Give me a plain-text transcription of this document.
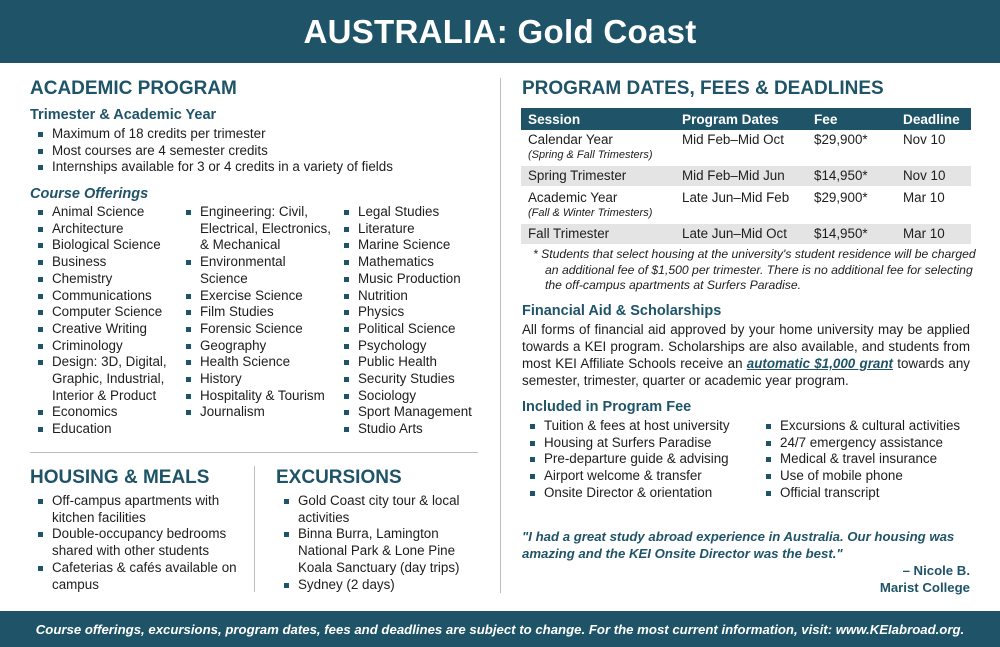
AUSTRALIA: Gold Coast
ACADEMIC PROGRAM
Trimester & Academic Year
Maximum of 18 credits per trimester
Most courses are 4 semester credits
Internships available for 3 or 4 credits in a variety of fields
Course Offerings
Animal Science
Architecture
Biological Science
Business
Chemistry
Communications
Computer Science
Creative Writing
Criminology
Design: 3D, Digital, Graphic, Industrial, Interior & Product
Economics
Education
Engineering: Civil, Electrical, Electronics, & Mechanical
Environmental Science
Exercise Science
Film Studies
Forensic Science
Geography
Health Science
History
Hospitality & Tourism
Journalism
Legal Studies
Literature
Marine Science
Mathematics
Music Production
Nutrition
Physics
Political Science
Psychology
Public Health
Security Studies
Sociology
Sport Management
Studio Arts
HOUSING & MEALS
Off-campus apartments with kitchen facilities
Double-occupancy bedrooms shared with other students
Cafeterias & cafés available on campus
EXCURSIONS
Gold Coast city tour & local activities
Binna Burra, Lamington National Park & Lone Pine Koala Sanctuary (day trips)
Sydney (2 days)
PROGRAM DATES, FEES & DEADLINES
Session	Program Dates	Fee	Deadline

Calendar Year
(Spring & Fall Trimesters)	Mid Feb–Mid Oct	$29,900*	Nov 10
Spring Trimester	Mid Feb–Mid Jun	$14,950*	Nov 10

Academic Year
(Fall & Winter Trimesters)	Late Jun–Mid Feb	$29,900*	Mar 10
Fall Trimester	Late Jun–Mid Oct	$14,950*	Mar 10
* Students that select housing at the university's student residence will be charged an additional fee of $1,500 per trimester. There is no additional fee for selecting the off-campus apartments at Surfers Paradise.
Financial Aid & Scholarships
All forms of financial aid approved by your home university may be applied towards a KEI program. Scholarships are also available, and students from most KEI Affiliate Schools receive an automatic $1,000 grant towards any semester, trimester, quarter or academic year program.
Included in Program Fee
Tuition & fees at host university
Housing at Surfers Paradise
Pre-departure guide & advising
Airport welcome & transfer
Onsite Director & orientation
Excursions & cultural activities
24/7 emergency assistance
Medical & travel insurance
Use of mobile phone
Official transcript
"I had a great study abroad experience in Australia. Our housing was amazing and the KEI Onsite Director was the best."
– Nicole B.
Marist College

Course offerings, excursions, program dates, fees and deadlines are subject to change. For the most current information, visit: www.KEIabroad.org.
